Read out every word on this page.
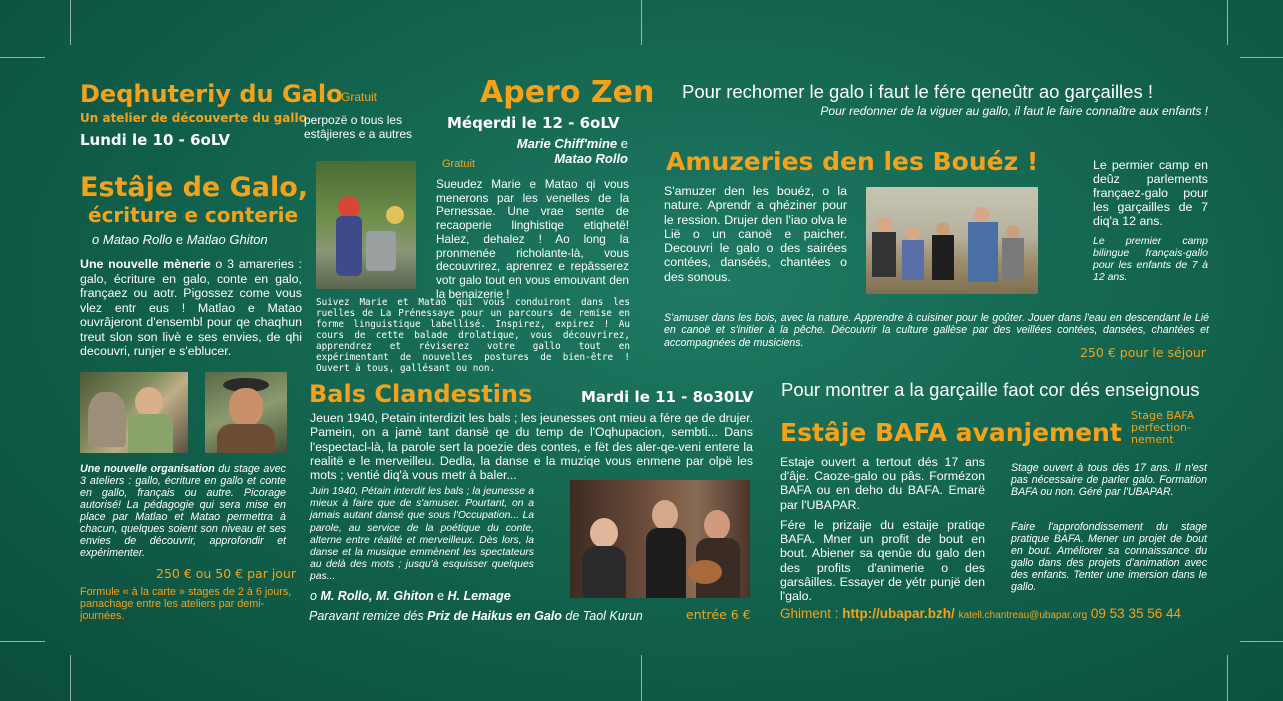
Deqhuteriy du Galo
Gratuit
Un atelier de découverte du gallo
perpozë o tous les estâjieres e a autres
Lundi le 10 - 6oLV
Estâje de Galo,
écriture e conterie
o Matao Rollo e Matlao Ghiton
Une nouvelle mènerie o 3 amareries : galo, écriture en galo, conte en galo, françaez ou aotr. Pigossez come vous vlez entr eus ! Matlao e Matao ouvrâjeront d'ensembl pour qe chaqhun treut slon son livè e ses envies, de qhi decouvri, runjer e s'eblucer.
Une nouvelle organisation du stage avec 3 ateliers : gallo, écriture en gallo et conte en gallo, français ou autre. Picorage autorisé! La pédagogie qui sera mise en place par Matlao et Matao permettra à chacun, quelques soient son niveau et ses envies de découvrir, approfondir et expérimenter.
250 € ou 50 € par jour
Formule « à la carte » stages de 2 à 6 jours, panachage entre les ateliers par demi-journées.
Apero Zen
Méqerdi le 12 - 6oLV
Marie Chiff'mine e
Matao Rollo
Gratuit
Sueudez Marie e Matao qi vous menerons par les venelles de la Pernessae. Une vrae sente de recaoperie linghistiqe etiqhetë! Halez, dehalez ! Ao long la pronmenée richolante-là, vous decouvrirez, aprenrez e repâsserez votr galo tout en vous emouvant den la benaizerie !
Suivez Marie et Matao qui vous conduiront dans les ruelles de La Prénessaye pour un parcours de remise en forme linguistique labellisé. Inspirez, expirez ! Au cours de cette balade drolatique, vous découvrirez, apprendrez et réviserez votre gallo tout en expérimentant de nouvelles postures de bien-être ! Ouvert à tous, gallésant ou non.
Bals Clandestins	Mardi le 11 - 8o30LV
Jeuen 1940, Petain interdizit les bals ; les jeunesses ont mieu a fére qe de drujer. Pamein, on a jamè tant dansë qe du temp de l'Oqhupacion, sembti... Dans l'espectacl-là, la parole sert la poezie des contes, e fët des aler-qe-veni entere la realitë e le merveilleu. Dedla, la danse e la muziqe vous enmene par olpë les mots ; ventié diq'à vous metr à baler...
Juin 1940, Pétain interdit les bals ; la jeunesse a mieux à faire que de s'amuser. Pourtant, on a jamais autant dansé que sous l'Occupation... La parole, au service de la poétique du conte, alterne entre réalité et merveilleux. Dès lors, la danse et la musique emmènent les spectateurs au delà des mots ; jusqu'à esquisser quelques pas...
o M. Rollo, M. Ghiton e H. Lemage
Paravant remize dés Priz de Haikus en Galo de Taol Kurun	entrée 6 €
Pour rechomer le galo i faut le fére qeneûtr ao garçailles !
Pour redonner de la viguer au gallo, il faut le faire connaître aux enfants !
Amuzeries den les Bouéz !
S'amuzer den les bouéz, o la nature. Aprendr a qhéziner pour le ression. Drujer den l'iao olva le Lië o un canoë e paicher. Decouvri le galo o des sairées contées, danséés, chantées o des sonous.
Le permier camp en deûz parlements françaez-galo pour les garçailles de 7 diq'a 12 ans.
Le premier camp bilingue français-gallo pour les enfants de 7 à 12 ans.
S'amuser dans les bois, avec la nature. Apprendre à cuisiner pour le goûter. Jouer dans l'eau en descendant le Lié en canoë et s'initier à la pêche. Découvrir la culture gallèse par des veillées contées, dansées, chantées et accompagnées de musiciens.
250 € pour le séjour
Pour montrer a la garçaille faot cor dés enseignous
Estâje BAFA avanjement
Stage BAFA perfection-nement
Estaje ouvert a tertout dés 17 ans d'âje. Caoze-galo ou pâs. Formézon BAFA ou en deho du BAFA. Emarë par l'UBAPAR.
Fére le prizaije du estaije pratiqe BAFA. Mner un profit de bout en bout. Abiener sa qenûe du galo den des profits d'animerie o des garsâilles. Essayer de yétr punjë den l'galo.
Stage ouvert à tous dès 17 ans. Il n'est pas nécessaire de parler galo. Formation BAFA ou non. Géré par l'UBAPAR.
Faire l'approfondissement du stage pratique BAFA. Mener un projet de bout en bout. Améliorer sa connaissance du gallo dans des projets d'animation avec des enfants. Tenter une imersion dans le gallo.
Ghiment : http://ubapar.bzh/ katell.chantreau@ubapar.org 09 53 35 56 44
